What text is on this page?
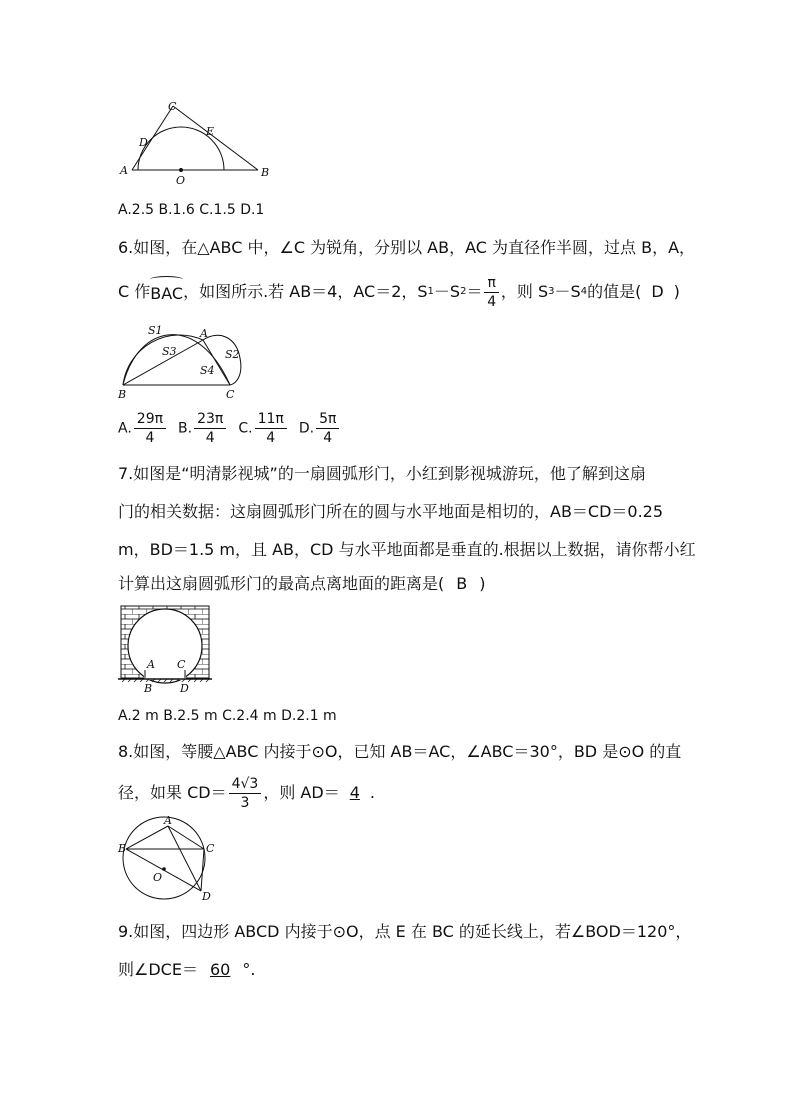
A	B
C
D
E
O
A.2.5 B.1.6 C.1.5 D.1
6.如图，在△ABC 中，∠C 为锐角，分别以 AB，AC 为直径作半圆，过点 B，A，
C 作 BAC ，如图所示.若 AB＝4，AC＝2，S 1 －S $2 = \frac{\pi}{4}$ ，则 S 3 －S 4 的值是( D )
S1
S3	S2
S4
A
B	C
A. $\frac{29\pi}{4} B$. $\frac{23\pi}{4} C$. $\frac{11\pi}{4} D$. $\frac{5\pi}{4}$
7.如图是“明清影视城”的一扇圆弧形门，小红到影视城游玩，他了解到这扇
门的相关数据：这扇圆弧形门所在的圆与水平地面是相切的，AB＝CD＝0.25
m，BD＝1.5 m，且 AB，CD 与水平地面都是垂直的.根据以上数据，请你帮小红
计算出这扇圆弧形门的最高点离地面的距离是( B )
A C
B	D
A.2 m B.2.5 m C.2.4 m D.2.1 m
8.如图，等腰△ABC 内接于⊙O，已知 AB＝AC，∠ABC＝30°，BD 是⊙O 的直
径，如果 $CD= \frac{4√3}{3}$ ，则 AD＝ 4 .
A
B	C
D
O
9.如图，四边形 ABCD 内接于⊙O，点 E 在 BC 的延长线上，若∠BOD＝120°，
则∠DCE＝ 60 °.
